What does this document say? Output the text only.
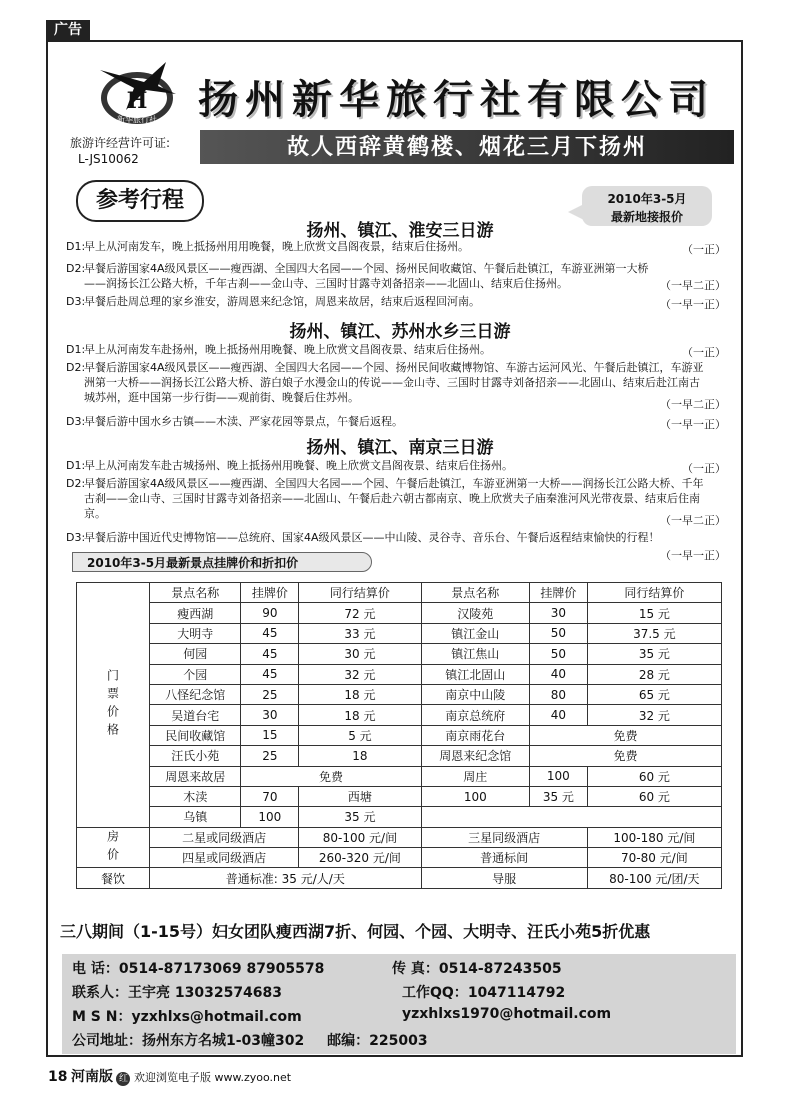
广告
H
新华旅行社 扬州新华旅行社有限公司
旅游许经营许可证:
L-JS10062	故人西辞黄鹤楼、烟花三月下扬州
参考行程	2010年3-5月
最新地接报价
扬州、镇江、淮安三日游
D1:
早上从河南发车，晚上抵扬州用用晚餐，晚上欣赏文昌阁夜景，结束后住扬州。	（一正）
D2:
早餐后游国家4A级风景区——瘦西湖、全国四大名园——个园、扬州民间收藏馆、午餐后赴镇江，车游亚洲第一大桥——润扬长江公路大桥，千年古刹——金山寺、三国时甘露寺刘备招亲——北固山、结束后住扬州。	（一早二正）
D3:
早餐后赴周总理的家乡淮安，游周恩来纪念馆，周恩来故居，结束后返程回河南。	（一早一正）
扬州、镇江、苏州水乡三日游
D1:
早上从河南发车赴扬州，晚上抵扬州用晚餐、晚上欣赏文昌阁夜景、结束后住扬州。	（一正）
D2:
早餐后游国家4A级风景区——瘦西湖、全国四大名园——个园、扬州民间收藏博物馆、车游古运河风光、午餐后赴镇江，车游亚洲第一大桥——润扬长江公路大桥、游白娘子水漫金山的传说——金山寺、三国时甘露寺刘备招亲——北固山、结束后赴江南古城苏州，逛中国第一步行街——观前街、晚餐后住苏州。
（一早二正）
D3:
早餐后游中国水乡古镇——木渎、严家花园等景点，午餐后返程。	（一早一正）
扬州、镇江、南京三日游
D1:
早上从河南发车赴古城扬州、晚上抵扬州用晚餐、晚上欣赏文昌阁夜景、结束后住扬州。	（一正）
D2:
早餐后游国家4A级风景区——瘦西湖、全国四大名园——个园、午餐后赴镇江，车游亚洲第一大桥——润扬长江公路大桥、千年古刹——金山寺、三国时甘露寺刘备招亲——北固山、午餐后赴六朝古都南京、晚上欣赏夫子庙秦淮河风光带夜景、结束后住南京。
（一早二正）
D3:
早餐后游中国近代史博物馆——总统府、国家4A级风景区——中山陵、灵谷寺、音乐台、午餐后返程结束愉快的行程！
（一早一正）
2010年3-5月最新景点挂牌价和折扣价
门票价格	景点名称	挂牌价	同行结算价	景点名称	挂牌价	同行结算价
	瘦西湖	90	72 元	汉陵苑	30	15 元
	大明寺	45	33 元	镇江金山	50	37.5 元
	何园	45	30 元	镇江焦山	50	35 元
	个园	45	32 元	镇江北固山	40	28 元
	八怪纪念馆	25	18 元	南京中山陵	80	65 元
	吴道台宅	30	18 元	南京总统府	40	32 元
	民间收藏馆	15	5 元	南京雨花台	免费	
	汪氏小苑	25	18	周恩来纪念馆	免费	
	周恩来故居	免费		周庄	100	60 元
	木渎	70	西塘	100	35 元	60 元
	乌镇	100	35 元			
房价	二星或同级酒店		80-100 元/间	三星同级酒店		100-180 元/间
	四星或同级酒店		260-320 元/间	普通标间		70-80 元/间
餐饮	普通标准: 35 元/人/天			导服		80-100 元/团/天
三八期间（1-15号）妇女团队瘦西湖7折、何园、个园、大明寺、汪氏小苑5折优惠
电 话：0514-87173069 87905578	传 真：0514-87243505
联系人：王宇亮 13032574683	工作QQ：1047114792
M S N：yzxhlxs@hotmail.com	yzxhlxs1970@hotmail.com
公司地址：扬州东方名城1-03幢302 邮编：225003
18 河南版 红 欢迎浏览电子版 www.zyoo.net
